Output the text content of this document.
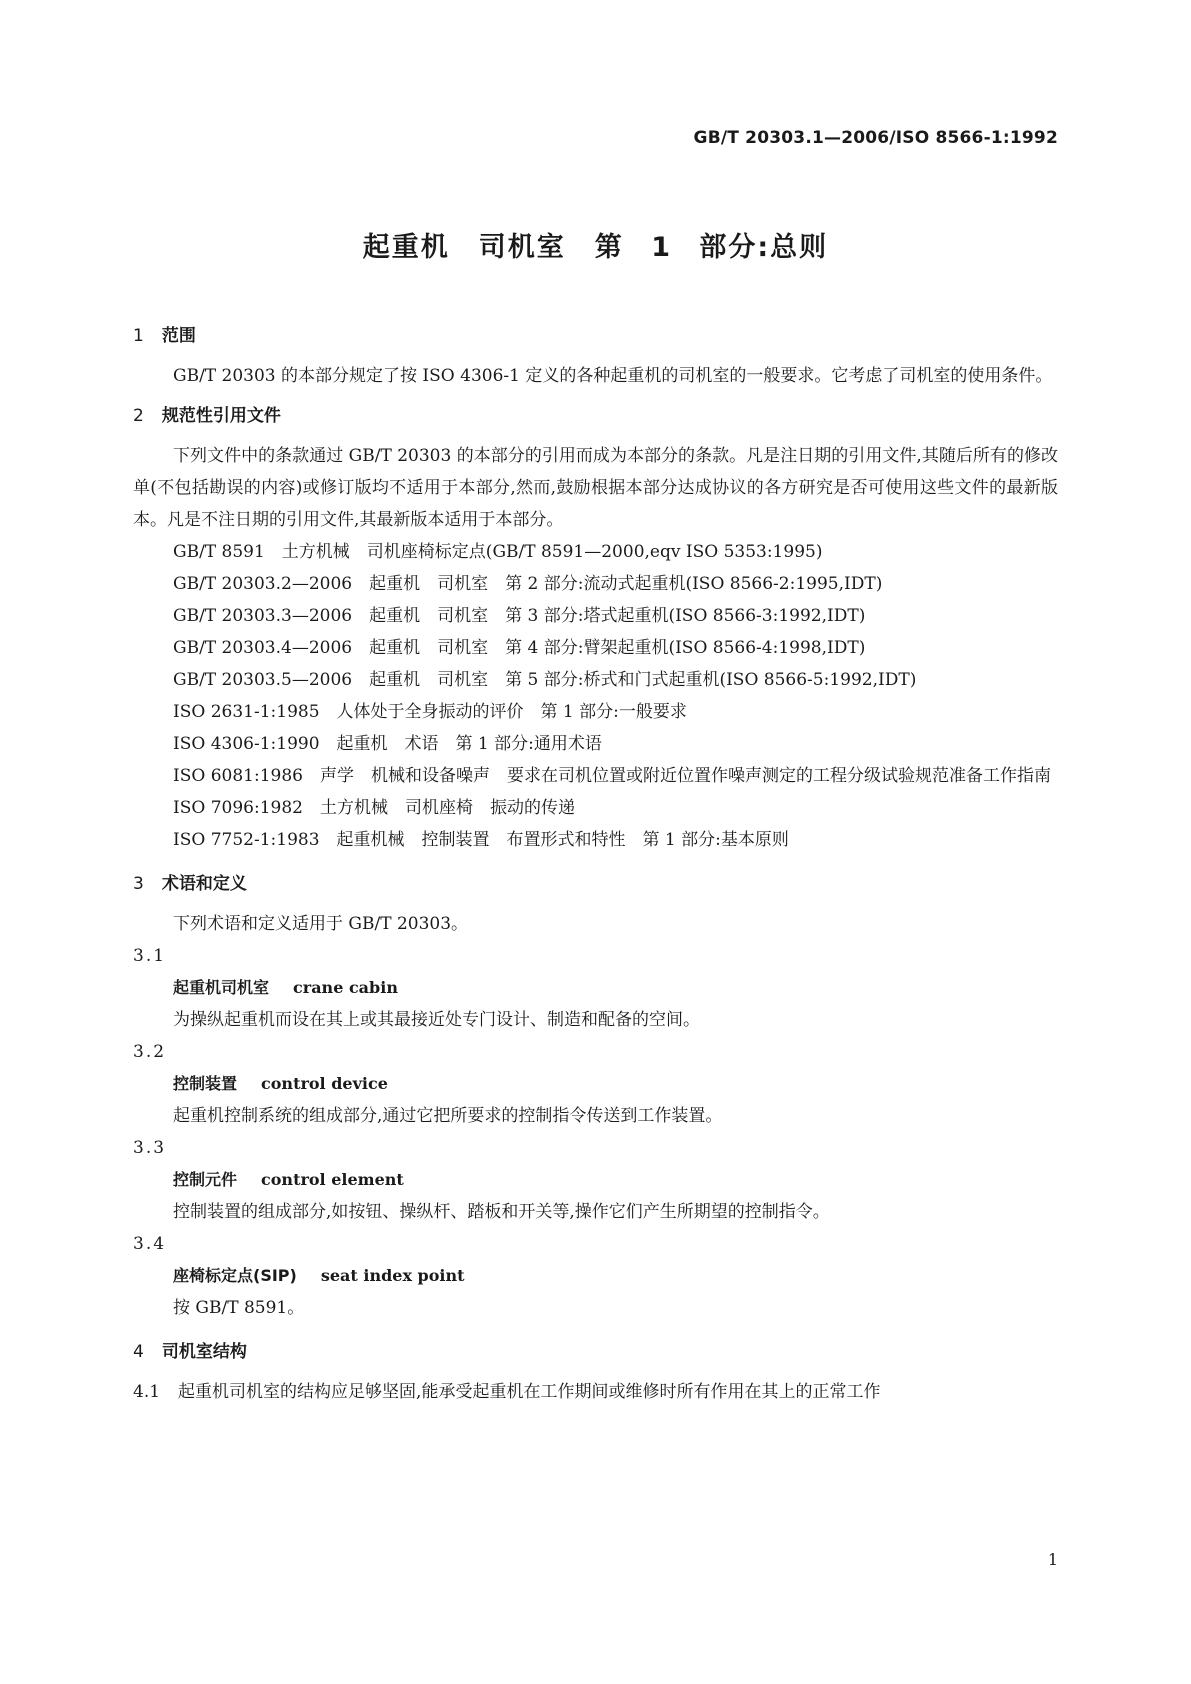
GB/T 20303.1—2006/ISO 8566-1:1992
起重机　司机室　第 1 部分:总则

1 范围

GB/T 20303 的本部分规定了按 ISO 4306-1 定义的各种起重机的司机室的一般要求。它考虑了司机室的使用条件。

2 规范性引用文件

下列文件中的条款通过 GB/T 20303 的本部分的引用而成为本部分的条款。凡是注日期的引用文件,其随后所有的修改单(不包括勘误的内容)或修订版均不适用于本部分,然而,鼓励根据本部分达成协议的各方研究是否可使用这些文件的最新版本。凡是不注日期的引用文件,其最新版本适用于本部分。

GB/T 8591　土方机械　司机座椅标定点(GB/T 8591—2000,eqv ISO 5353:1995)

GB/T 20303.2—2006　起重机　司机室　第 2 部分:流动式起重机(ISO 8566-2:1995,IDT)

GB/T 20303.3—2006　起重机　司机室　第 3 部分:塔式起重机(ISO 8566-3:1992,IDT)

GB/T 20303.4—2006　起重机　司机室　第 4 部分:臂架起重机(ISO 8566-4:1998,IDT)

GB/T 20303.5—2006　起重机　司机室　第 5 部分:桥式和门式起重机(ISO 8566-5:1992,IDT)

ISO 2631-1:1985　人体处于全身振动的评价　第 1 部分:一般要求

ISO 4306-1:1990　起重机　术语　第 1 部分:通用术语

ISO 6081:1986　声学　机械和设备噪声　要求在司机位置或附近位置作噪声测定的工程分级试验规范准备工作指南

ISO 7096:1982　土方机械　司机座椅　振动的传递

ISO 7752-1:1983　起重机械　控制装置　布置形式和特性　第 1 部分:基本原则

3 术语和定义

下列术语和定义适用于 GB/T 20303。

3.1

起重机司机室 crane cabin

为操纵起重机而设在其上或其最接近处专门设计、制造和配备的空间。

3.2

控制装置 control device

起重机控制系统的组成部分,通过它把所要求的控制指令传送到工作装置。

3.3

控制元件 control element

控制装置的组成部分,如按钮、操纵杆、踏板和开关等,操作它们产生所期望的控制指令。

3.4

座椅标定点(SIP) seat index point

按 GB/T 8591。

4 司机室结构

4.1 起重机司机室的结构应足够坚固,能承受起重机在工作期间或维修时所有作用在其上的正常工作

1
